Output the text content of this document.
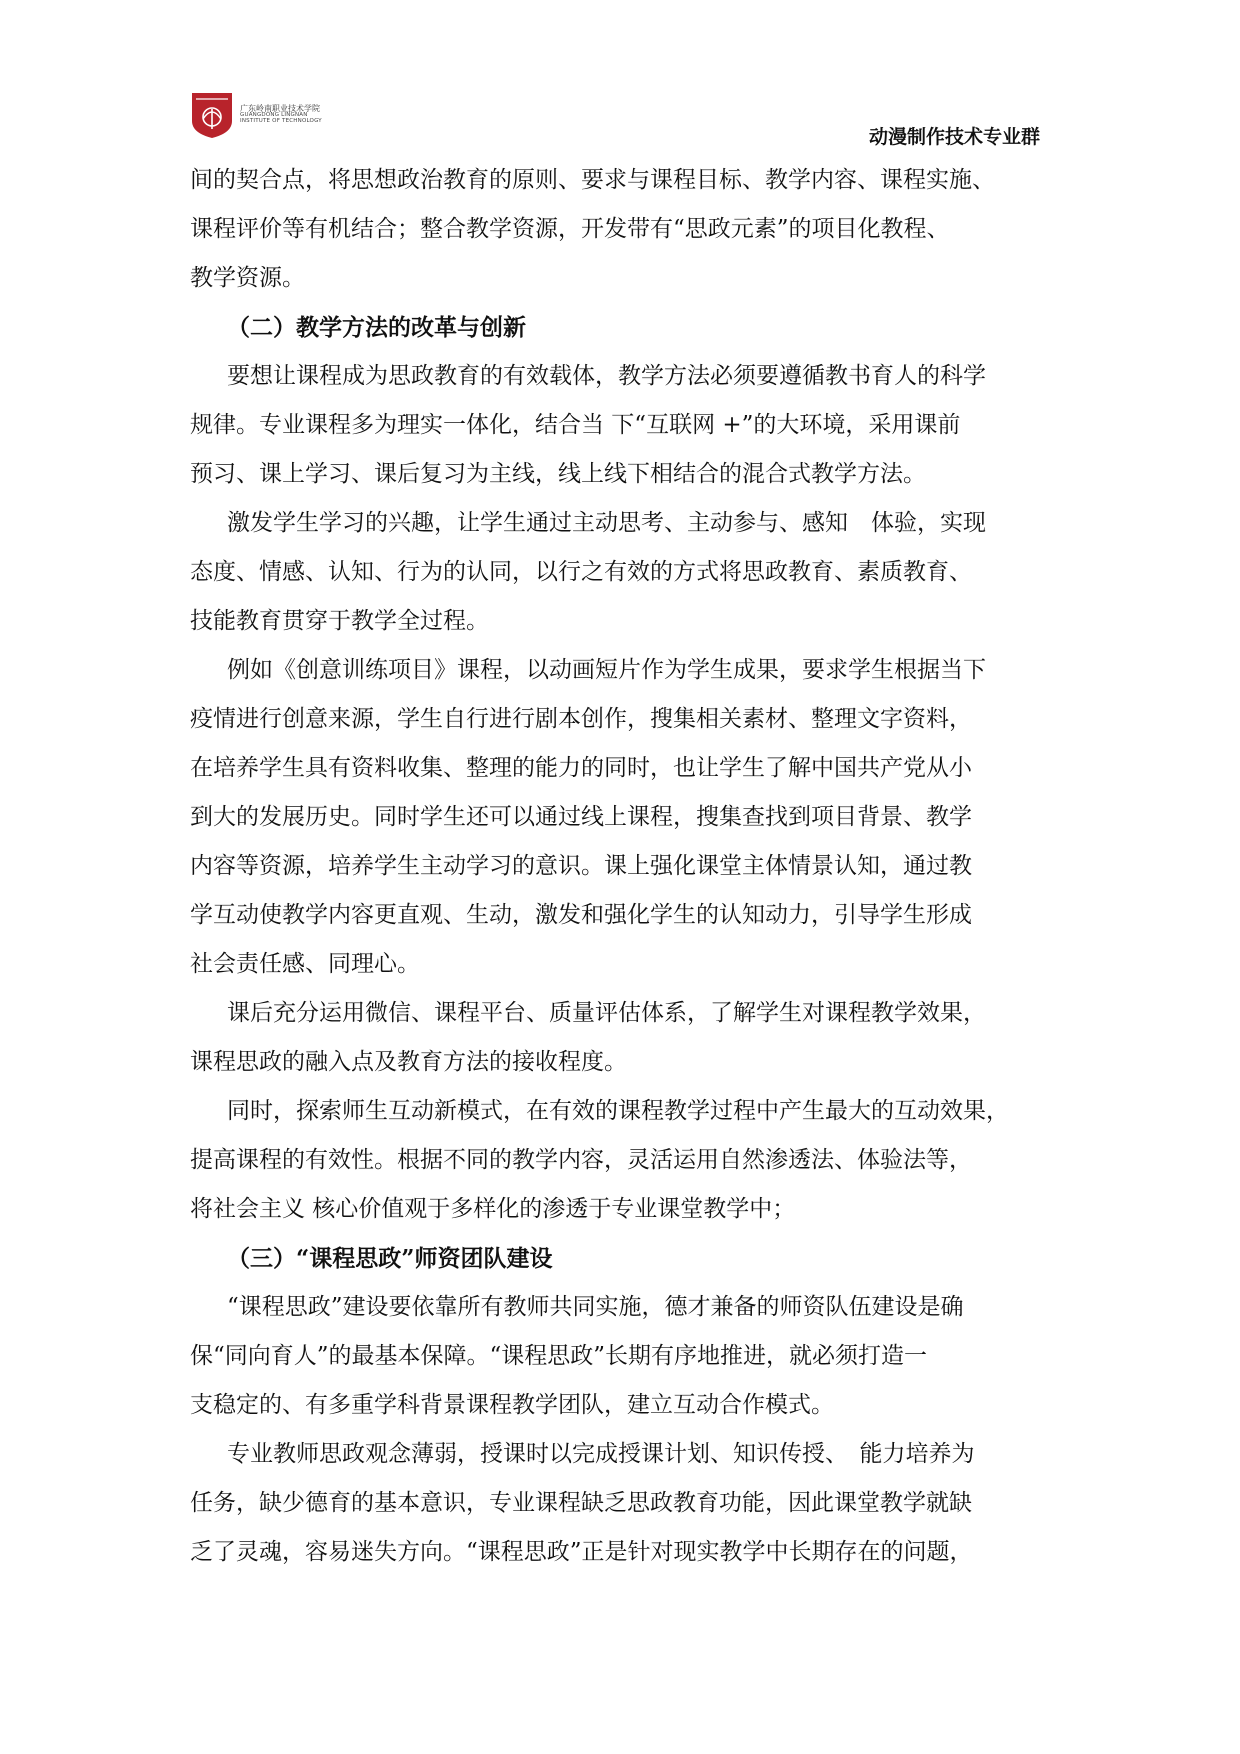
广东岭南职业技术学院
GUANGDONG LINGNAN
INSTITUTE OF TECHNOLOGY
动漫制作技术专业群
间的契合点，将思想政治教育的原则、要求与课程目标、教学内容、课程实施、
课程评价等有机结合；整合教学资源，开发带有“思政元素”的项目化教程、
教学资源。
（二）教学方法的改革与创新
要想让课程成为思政教育的有效载体，教学方法必须要遵循教书育人的科学
规律。专业课程多为理实一体化，结合当 下“互联网 +”的大环境，采用课前
预习、课上学习、课后复习为主线，线上线下相结合的混合式教学方法。
激发学生学习的兴趣，让学生通过主动思考、主动参与、感知　体验，实现
态度、情感、认知、行为的认同，以行之有效的方式将思政教育、素质教育、
技能教育贯穿于教学全过程。
例如《创意训练项目》课程，以动画短片作为学生成果，要求学生根据当下
疫情进行创意来源，学生自行进行剧本创作，搜集相关素材、整理文字资料，
在培养学生具有资料收集、整理的能力的同时，也让学生了解中国共产党从小
到大的发展历史。同时学生还可以通过线上课程，搜集查找到项目背景、教学
内容等资源，培养学生主动学习的意识。课上强化课堂主体情景认知，通过教
学互动使教学内容更直观、生动，激发和强化学生的认知动力，引导学生形成
社会责任感、同理心。
课后充分运用微信、课程平台、质量评估体系，了解学生对课程教学效果，
课程思政的融入点及教育方法的接收程度。
同时，探索师生互动新模式，在有效的课程教学过程中产生最大的互动效果，
提高课程的有效性。根据不同的教学内容，灵活运用自然渗透法、体验法等，
将社会主义 核心价值观于多样化的渗透于专业课堂教学中；
（三）“课程思政”师资团队建设
“课程思政”建设要依靠所有教师共同实施，德才兼备的师资队伍建设是确
保“同向育人”的最基本保障。“课程思政”长期有序地推进，就必须打造一
支稳定的、有多重学科背景课程教学团队，建立互动合作模式。
专业教师思政观念薄弱，授课时以完成授课计划、知识传授、　能力培养为
任务，缺少德育的基本意识，专业课程缺乏思政教育功能，因此课堂教学就缺
乏了灵魂，容易迷失方向。“课程思政”正是针对现实教学中长期存在的问题，
